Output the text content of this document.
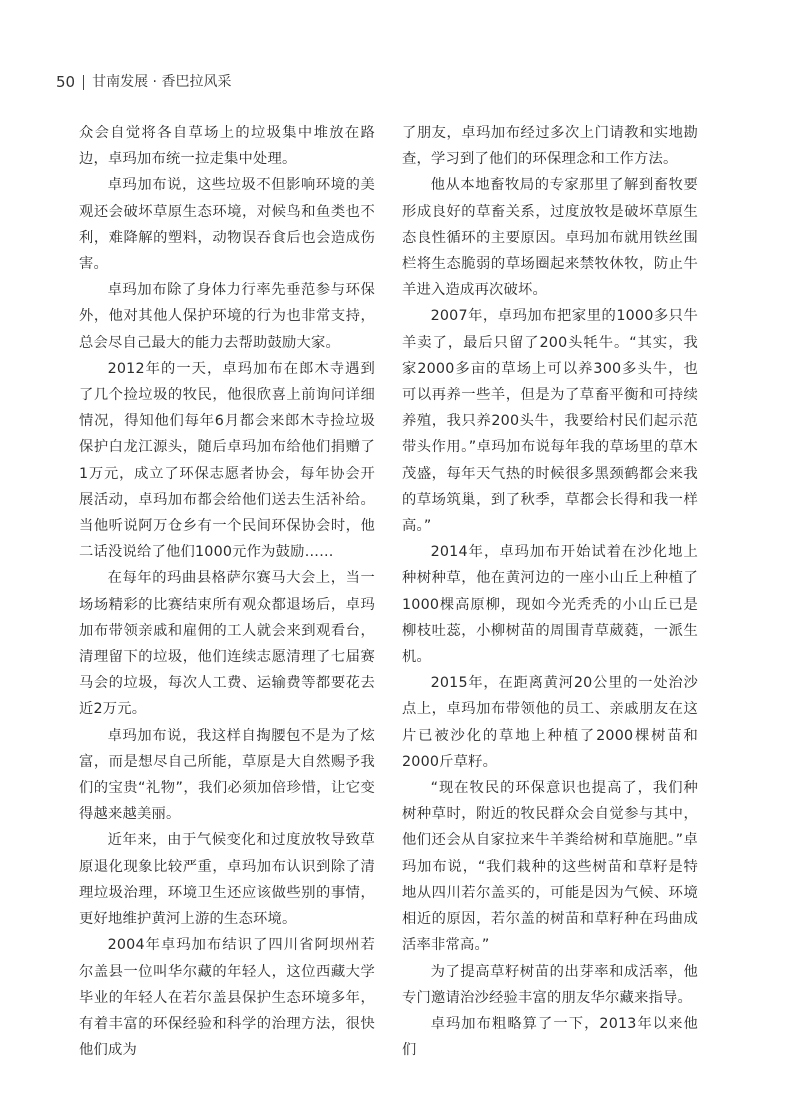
50 甘南发展 · 香巴拉风采

众会自觉将各自草场上的垃圾集中堆放在路边，卓玛加布统一拉走集中处理。

卓玛加布说，这些垃圾不但影响环境的美观还会破坏草原生态环境，对候鸟和鱼类也不利，难降解的塑料，动物误吞食后也会造成伤害。

卓玛加布除了身体力行率先垂范参与环保外，他对其他人保护环境的行为也非常支持，总会尽自己最大的能力去帮助鼓励大家。

2012年的一天，卓玛加布在郎木寺遇到了几个捡垃圾的牧民，他很欣喜上前询问详细情况，得知他们每年6月都会来郎木寺捡垃圾保护白龙江源头，随后卓玛加布给他们捐赠了1万元，成立了环保志愿者协会，每年协会开展活动，卓玛加布都会给他们送去生活补给。当他听说阿万仓乡有一个民间环保协会时，他二话没说给了他们1000元作为鼓励……

在每年的玛曲县格萨尔赛马大会上，当一场场精彩的比赛结束所有观众都退场后，卓玛加布带领亲戚和雇佣的工人就会来到观看台，清理留下的垃圾，他们连续志愿清理了七届赛马会的垃圾，每次人工费、运输费等都要花去近2万元。

卓玛加布说，我这样自掏腰包不是为了炫富，而是想尽自己所能，草原是大自然赐予我们的宝贵“礼物”，我们必须加倍珍惜，让它变得越来越美丽。

近年来，由于气候变化和过度放牧导致草原退化现象比较严重，卓玛加布认识到除了清理垃圾治理，环境卫生还应该做些别的事情，更好地维护黄河上游的生态环境。

2004年卓玛加布结识了四川省阿坝州若尔盖县一位叫华尔藏的年轻人，这位西藏大学毕业的年轻人在若尔盖县保护生态环境多年，有着丰富的环保经验和科学的治理方法，很快他们成为

了朋友，卓玛加布经过多次上门请教和实地勘查，学习到了他们的环保理念和工作方法。

他从本地畜牧局的专家那里了解到畜牧要形成良好的草畜关系，过度放牧是破坏草原生态良性循环的主要原因。卓玛加布就用铁丝围栏将生态脆弱的草场圈起来禁牧休牧，防止牛羊进入造成再次破坏。

2007年，卓玛加布把家里的1000多只牛羊卖了，最后只留了200头牦牛。“其实，我家2000多亩的草场上可以养300多头牛，也可以再养一些羊，但是为了草畜平衡和可持续养殖，我只养200头牛，我要给村民们起示范带头作用。”卓玛加布说每年我的草场里的草木茂盛，每年天气热的时候很多黑颈鹤都会来我的草场筑巢，到了秋季，草都会长得和我一样高。”

2014年，卓玛加布开始试着在沙化地上种树种草，他在黄河边的一座小山丘上种植了1000棵高原柳，现如今光秃秃的小山丘已是柳枝吐蕊，小柳树苗的周围青草葳蕤，一派生机。

2015年，在距离黄河20公里的一处治沙点上，卓玛加布带领他的员工、亲戚朋友在这片已被沙化的草地上种植了2000棵树苗和2000斤草籽。

“现在牧民的环保意识也提高了，我们种树种草时，附近的牧民群众会自觉参与其中，他们还会从自家拉来牛羊粪给树和草施肥。”卓玛加布说，“我们栽种的这些树苗和草籽是特地从四川若尔盖买的，可能是因为气候、环境相近的原因，若尔盖的树苗和草籽种在玛曲成活率非常高。”

为了提高草籽树苗的出芽率和成活率，他专门邀请治沙经验丰富的朋友华尔藏来指导。

卓玛加布粗略算了一下，2013年以来他们
